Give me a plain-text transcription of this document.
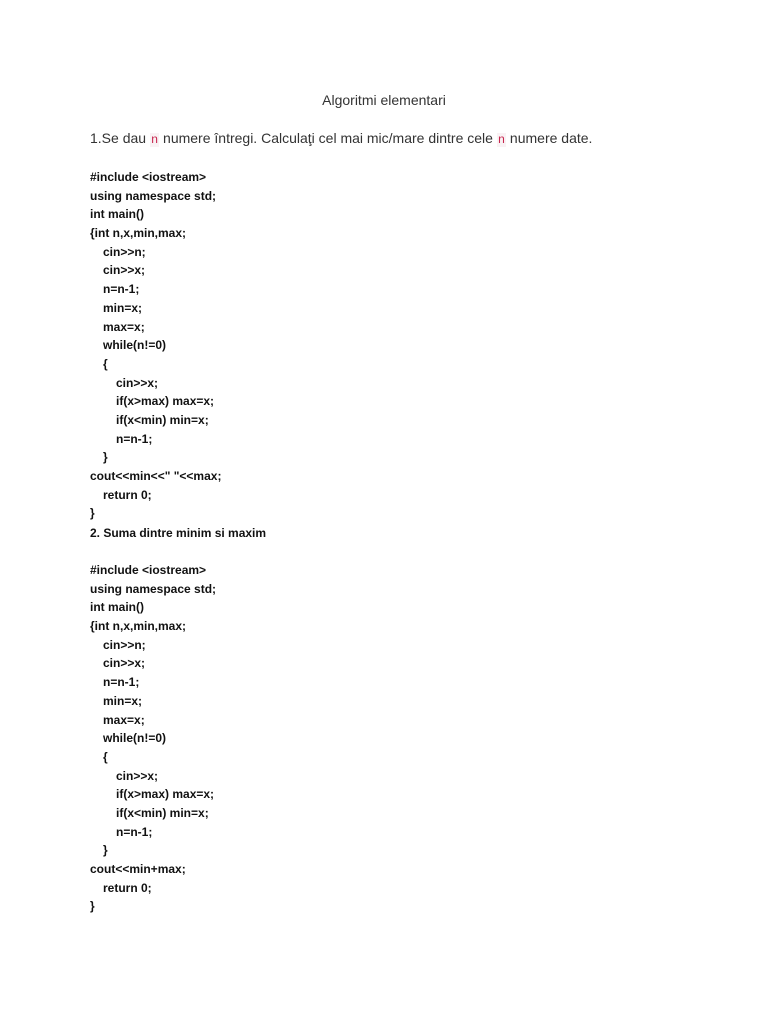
Algoritmi elementari
1.Se dau n numere întregi. Calculaţi cel mai mic/mare dintre cele n numere date.
#include <iostream>
using namespace std;
int main()
{int n,x,min,max;
cin>>n;
cin>>x;
n=n-1;
min=x;
max=x;
while(n!=0)
{
cin>>x;
if(x>max) max=x;
if(x<min) min=x;
n=n-1;
}
cout<<min<<" "<<max;
return 0;
}
2. Suma dintre minim si maxim
#include <iostream>
using namespace std;
int main()
{int n,x,min,max;
cin>>n;
cin>>x;
n=n-1;
min=x;
max=x;
while(n!=0)
{
cin>>x;
if(x>max) max=x;
if(x<min) min=x;
n=n-1;
}
cout<<min+max;
return 0;
}
